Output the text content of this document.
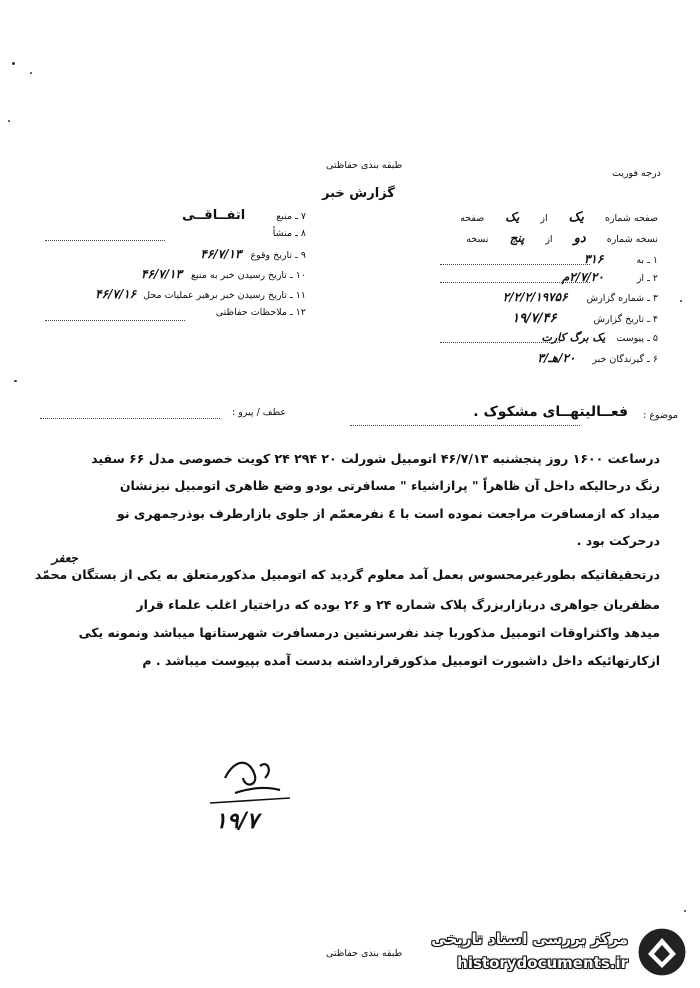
طبقه بندی حفاظتی
درجه فوریت
گزارش خبر
صفحه شماره یک از یک صفحه
نسخه شماره دو از پنج نسخه
۱ ـ به ۳۱۶
۲ ـ از ۲/۷/۲۰م
۳ ـ شماره گزارش ۲/۲/۲/۱۹۷۵۶
۴ ـ تاریخ گزارش ۱۹/۷/۴۶
۵ ـ پیوست یک برگ کارت
۶ ـ گیرندگان خبر ۲۰/هـ/۳
۷ ـ منبع اتفــاقــی
۸ ـ منشأ
۹ ـ تاریخ وقوع ۴۶/۷/۱۳
۱۰ ـ تاریخ رسیدن خبر به منبع ۴۶/۷/۱۳
۱۱ ـ تاریخ رسیدن خبر برهبر عملیات محل ۴۶/۷/۱۶
۱۲ ـ ملاحظات حفاظتی
عطف / پیرو :	موضوع :
فعــالیتهــای مشکوک .
درساعت ۱۶۰۰ روز پنجشنبه ۴۶/۷/۱۳ اتومبیل شورلت ۲۰ ۲۹۴ ۲۴ کویت خصوصی مدل ۶۶ سفید
رنگ درحالیکه داخل آن ظاهراً " پرازاشیاء " مسافرتی بودو وضع ظاهری اتومبیل نیزنشان
میداد که ازمسافرت مراجعت نموده است با ٤ نفرمعمّم از جلوی بازارطرف بوذرجمهری نو
درحرکت بود .
درتحقیقاتیکه بطورغیرمحسوس بعمل آمد معلوم گردید که اتومبیل مذکورمتعلق به یکی از بستگان محمّد
مظفریان جواهری دربازاربزرگ پلاک شماره ۲۴ و ۲۶ بوده که دراختیار اغلب علماء قرار
میدهد واکثراوقات اتومبیل مذکوربا چند نفرسرنشین درمسافرت شهرستانها میباشد ونمونه یکی
ازکارتهائیکه داخل داشبورت اتومبیل مذکورقرارداشته بدست آمده بپیوست میباشد . م
جعفر
۱۹/۷
طبقه بندی حفاظتی
مرکز بررسی اسناد تاریخی
historydocuments.ir
